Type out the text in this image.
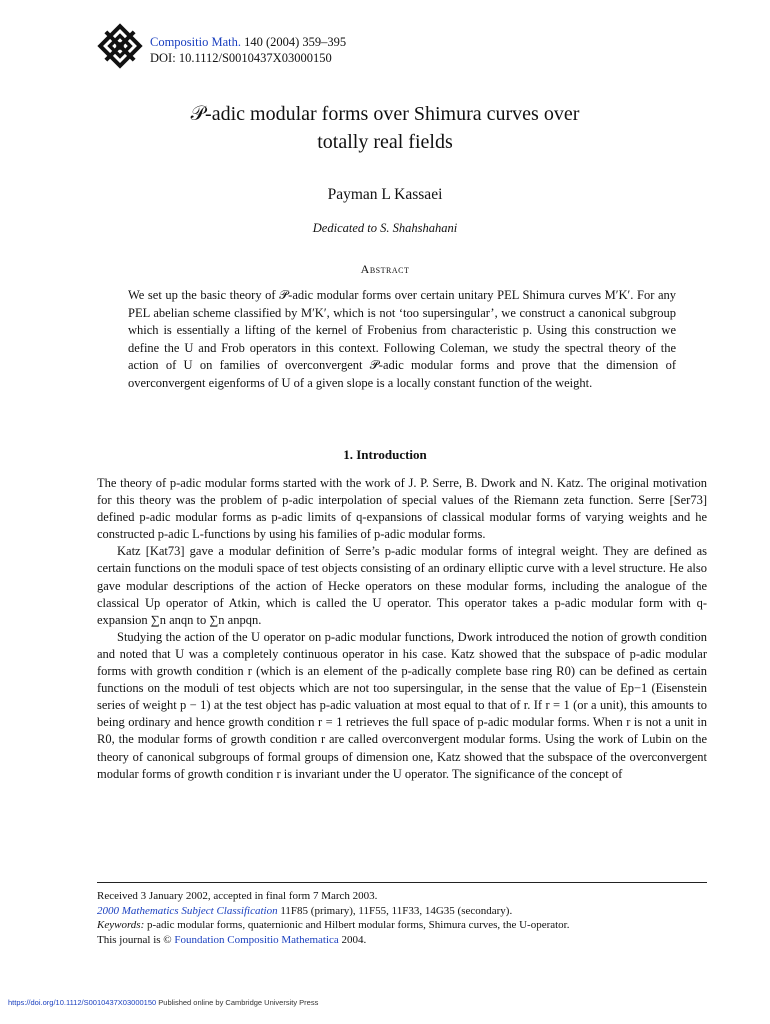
Compositio Math. 140 (2004) 359–395
DOI: 10.1112/S0010437X03000150
𝒫-adic modular forms over Shimura curves over
totally real fields
Payman L Kassaei
Dedicated to S. Shahshahani
Abstract
We set up the basic theory of 𝒫-adic modular forms over certain unitary PEL Shimura curves M′K′. For any PEL abelian scheme classified by M′K′, which is not ‘too supersingular’, we construct a canonical subgroup which is essentially a lifting of the kernel of Frobenius from characteristic p. Using this construction we define the U and Frob operators in this context. Following Coleman, we study the spectral theory of the action of U on families of overconvergent 𝒫-adic modular forms and prove that the dimension of overconvergent eigenforms of U of a given slope is a locally constant function of the weight.
1. Introduction

The theory of p-adic modular forms started with the work of J. P. Serre, B. Dwork and N. Katz. The original motivation for this theory was the problem of p-adic interpolation of special values of the Riemann zeta function. Serre [Ser73] defined p-adic modular forms as p-adic limits of q-expansions of classical modular forms of varying weights and he constructed p-adic L-functions by using his families of p-adic modular forms.

Katz [Kat73] gave a modular definition of Serre’s p-adic modular forms of integral weight. They are defined as certain functions on the moduli space of test objects consisting of an ordinary elliptic curve with a level structure. He also gave modular descriptions of the action of Hecke operators on these modular forms, including the analogue of the classical Up operator of Atkin, which is called the U operator. This operator takes a p-adic modular form with q-expansion ∑n anqn to ∑n anpqn.

Studying the action of the U operator on p-adic modular functions, Dwork introduced the notion of growth condition and noted that U was a completely continuous operator in his case. Katz showed that the subspace of p-adic modular forms with growth condition r (which is an element of the p-adically complete base ring R0) can be defined as certain functions on the moduli of test objects which are not too supersingular, in the sense that the value of Ep−1 (Eisenstein series of weight p − 1) at the test object has p-adic valuation at most equal to that of r. If r = 1 (or a unit), this amounts to being ordinary and hence growth condition r = 1 retrieves the full space of p-adic modular forms. When r is not a unit in R0, the modular forms of growth condition r are called overconvergent modular forms. Using the work of Lubin on the theory of canonical subgroups of formal groups of dimension one, Katz showed that the subspace of the overconvergent modular forms of growth condition r is invariant under the U operator. The significance of the concept of

Received 3 January 2002, accepted in final form 7 March 2003.
2000 Mathematics Subject Classification 11F85 (primary), 11F55, 11F33, 14G35 (secondary).
Keywords: p-adic modular forms, quaternionic and Hilbert modular forms, Shimura curves, the U-operator.
This journal is © Foundation Compositio Mathematica 2004.
https://doi.org/10.1112/S0010437X03000150 Published online by Cambridge University Press
